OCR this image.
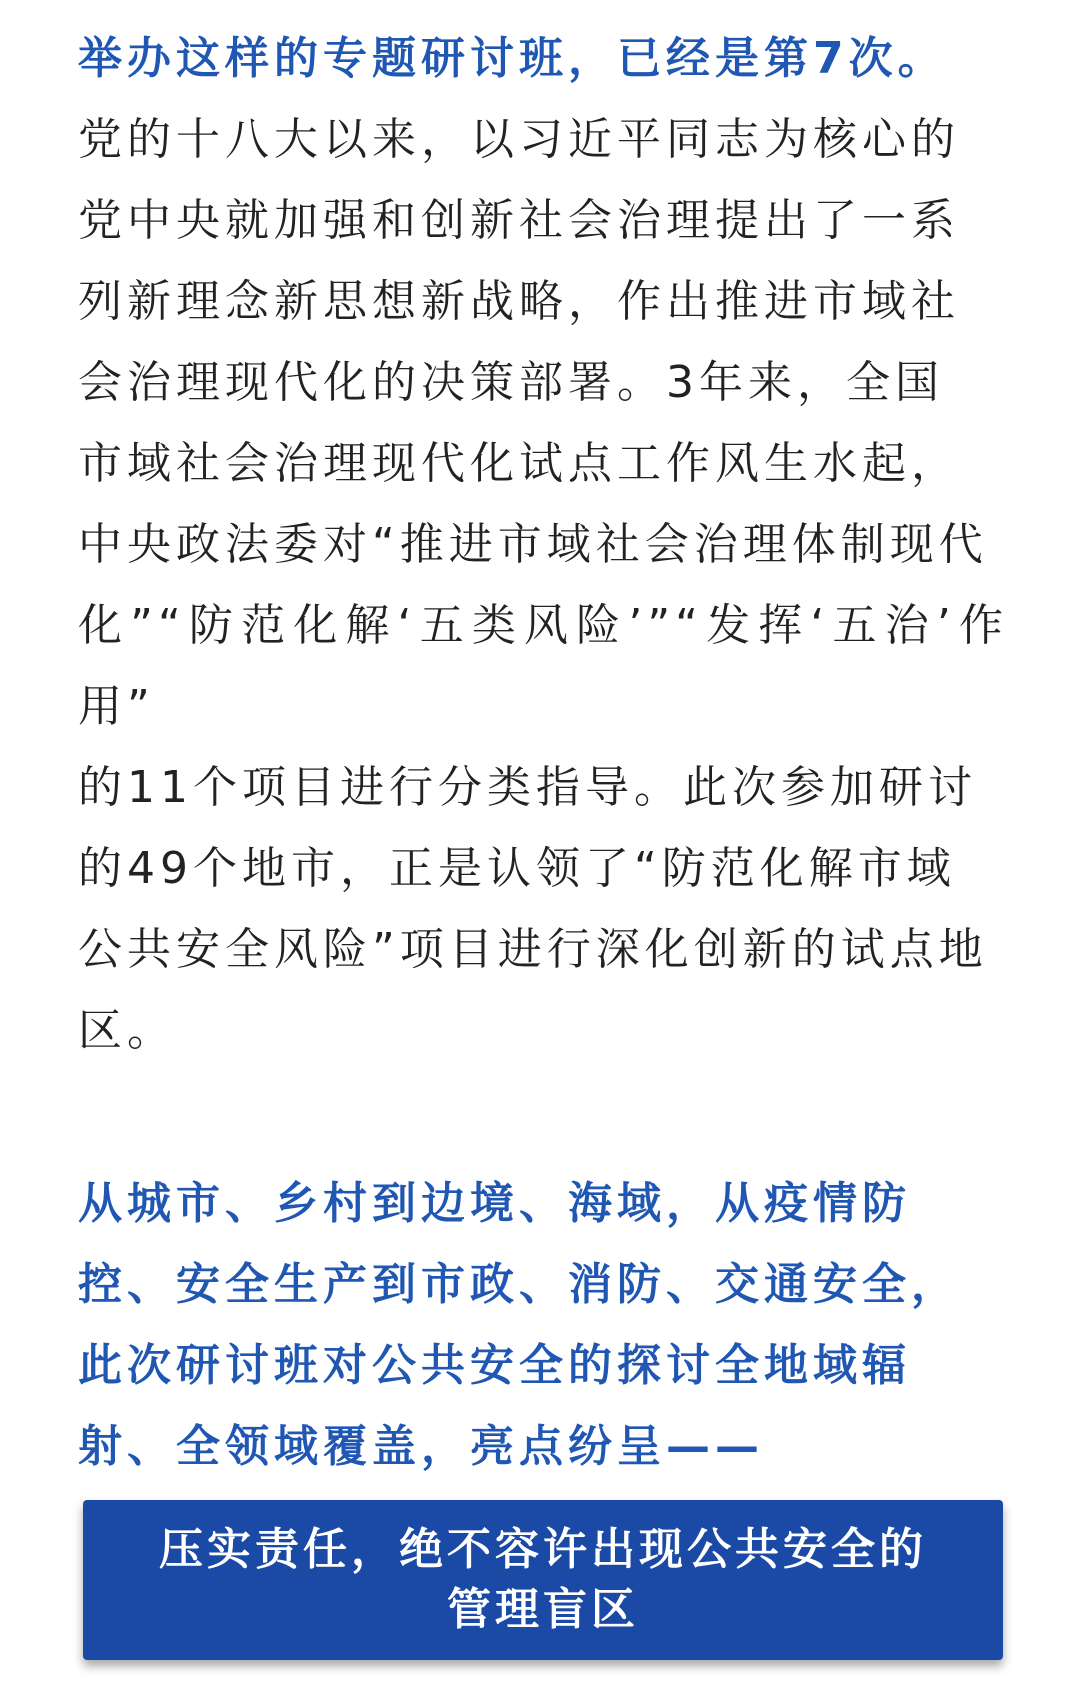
举办这样的专题研讨班，已经是第7次。

党的十八大以来，以习近平同志为核心的
党中央就加强和创新社会治理提出了一系
列新理念新思想新战略，作出推进市域社
会治理现代化的决策部署。3年来，全国
市域社会治理现代化试点工作风生水起，
中央政法委对“推进市域社会治理体制现代
化”“防范化解‘五类风险’”“发挥‘五治’作用”
的11个项目进行分类指导。此次参加研讨
的49个地市，正是认领了“防范化解市域
公共安全风险”项目进行深化创新的试点地
区。

从城市、乡村到边境、海域，从疫情防
控、安全生产到市政、消防、交通安全，
此次研讨班对公共安全的探讨全地域辐
射、全领域覆盖，亮点纷呈——

压实责任，绝不容许出现公共安全的
管理盲区
